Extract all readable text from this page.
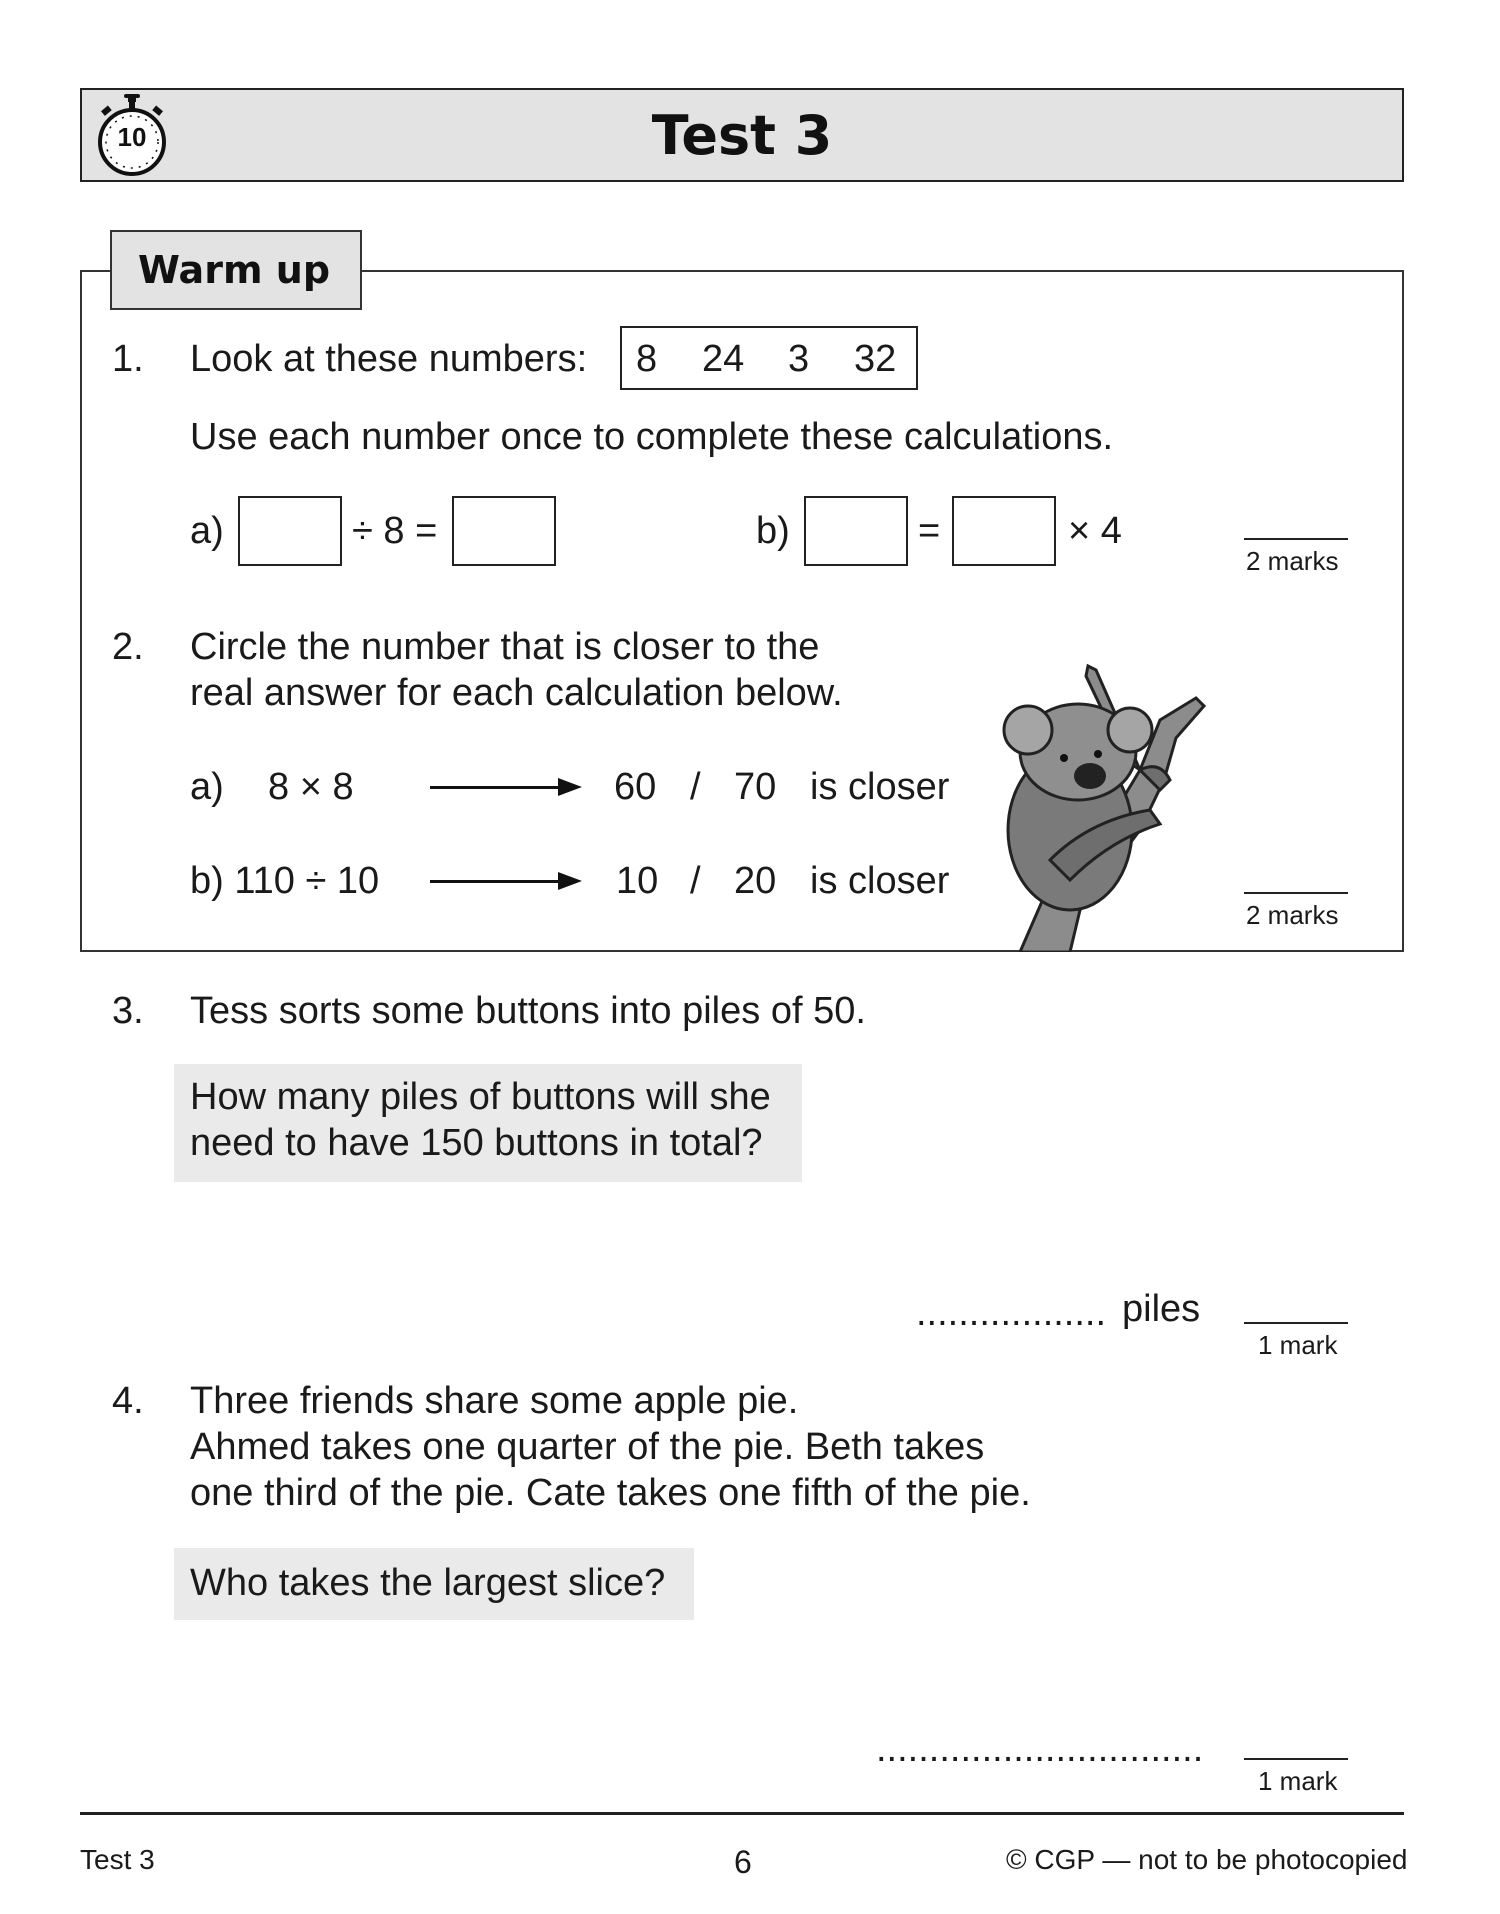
Test 3
10
Warm up
1. Look at these numbers: 8 24 3 32
Use each number once to complete these calculations.
a)	÷ 8 =	b)	=	× 4
2 marks
2. Circle the number that is closer to the
real answer for each calculation below.
a) 8 × 8	60 / 70 is closer
b) 110 ÷ 10	10 / 20 is closer
2 marks
3. Tess sorts some buttons into piles of 50.
How many piles of buttons will she
need to have 150 buttons in total?
.................. piles
1 mark
4. Three friends share some apple pie.
Ahmed takes one quarter of the pie. Beth takes
one third of the pie. Cate takes one fifth of the pie.
Who takes the largest slice?
...............................
1 mark
Test 3	6	© CGP — not to be photocopied
